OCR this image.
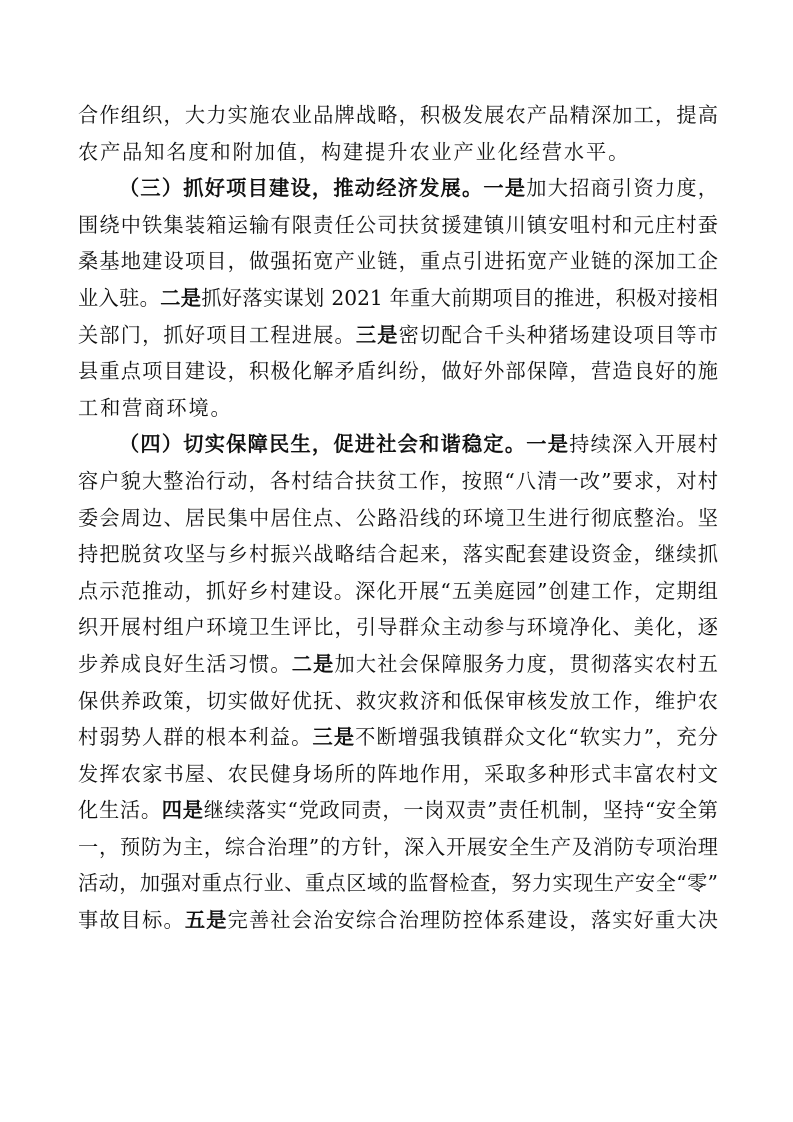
合作组织，大力实施农业品牌战略，积极发展农产品精深加工，提高
农产品知名度和附加值，构建提升农业产业化经营水平。
（三）抓好项目建设，推动经济发展。一是加大招商引资力度，
围绕中铁集装箱运输有限责任公司扶贫援建镇川镇安咀村和元庄村蚕
桑基地建设项目，做强拓宽产业链，重点引进拓宽产业链的深加工企
业入驻。二是抓好落实谋划 2021 年重大前期项目的推进，积极对接相
关部门，抓好项目工程进展。三是密切配合千头种猪场建设项目等市
县重点项目建设，积极化解矛盾纠纷，做好外部保障，营造良好的施
工和营商环境。
（四）切实保障民生，促进社会和谐稳定。一是持续深入开展村
容户貌大整治行动，各村结合扶贫工作，按照“八清一改”要求，对村
委会周边、居民集中居住点、公路沿线的环境卫生进行彻底整治。坚
持把脱贫攻坚与乡村振兴战略结合起来，落实配套建设资金，继续抓
点示范推动，抓好乡村建设。深化开展“五美庭园”创建工作，定期组
织开展村组户环境卫生评比，引导群众主动参与环境净化、美化，逐
步养成良好生活习惯。二是加大社会保障服务力度，贯彻落实农村五
保供养政策，切实做好优抚、救灾救济和低保审核发放工作，维护农
村弱势人群的根本利益。三是不断增强我镇群众文化“软实力”，充分
发挥农家书屋、农民健身场所的阵地作用，采取多种形式丰富农村文
化生活。四是继续落实“党政同责，一岗双责”责任机制，坚持“安全第
一，预防为主，综合治理”的方针，深入开展安全生产及消防专项治理
活动，加强对重点行业、重点区域的监督检查，努力实现生产安全“零”
事故目标。五是完善社会治安综合治理防控体系建设，落实好重大决
